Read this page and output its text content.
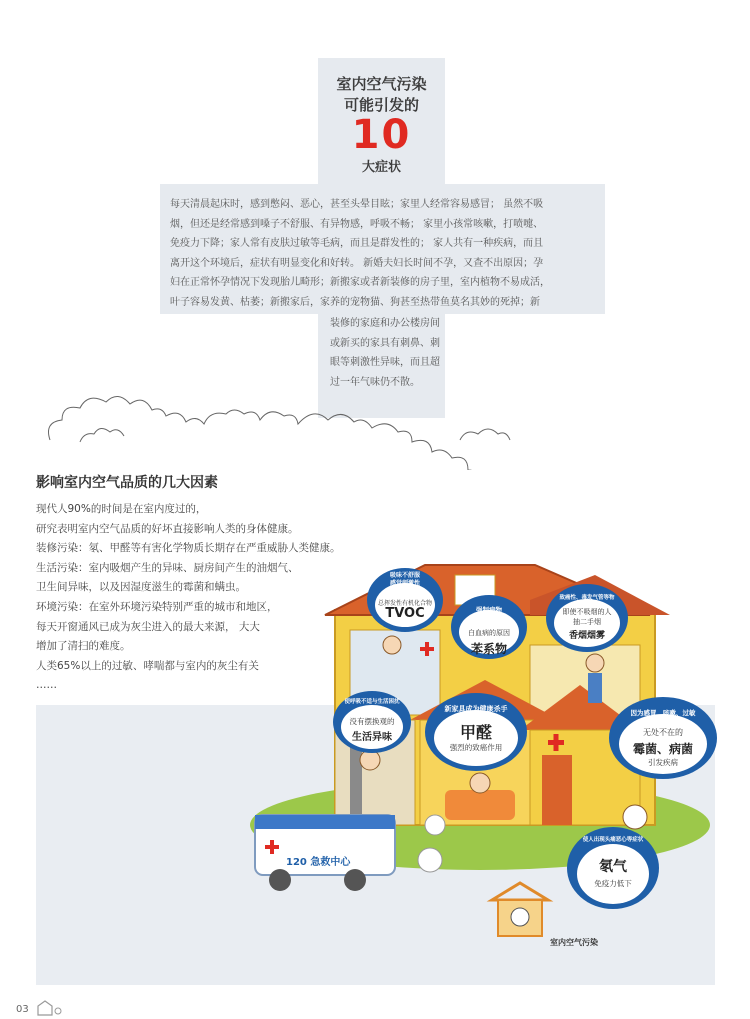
室内空气污染
可能引发的
10
大症状
每天清晨起床时，感到憋闷、恶心，甚至头晕目眩；家里人经常容易感冒； 虽然不吸
烟，但还是经常感到嗓子不舒服、有异物感，呼吸不畅； 家里小孩常咳嗽，打喷嚏、
免疫力下降；家人常有皮肤过敏等毛病，而且是群发性的； 家人共有一种疾病，而且
离开这个环境后，症状有明显变化和好转。 新婚夫妇长时间不孕，又查不出原因；孕
妇在正常怀孕情况下发现胎儿畸形；新搬家或者新装修的房子里，室内植物不易成活，
叶子容易发黄、枯萎；新搬家后，家养的宠物猫、狗甚至热带鱼莫名其妙的死掉；新
装修的家庭和办公楼房间
或新买的家具有刺鼻、刺
眼等刺激性异味，而且超
过一年气味仍不散。
影响室内空气品质的几大因素
现代人90%的时间是在室内度过的，
研究表明室内空气品质的好坏直接影响人类的身体健康。
装修污染：氡、甲醛等有害化学物质长期存在严重威胁人类健康。
生活污染：室内吸烟产生的异味、厨房间产生的油烟气、
卫生间异味，以及因湿度滋生的霉菌和螨虫。
环境污染：在室外环境污染特别严重的城市和地区，
每天开窗通风已成为灰尘进入的最大来源， 大大
增加了清扫的难度。
人类65%以上的过敏、哮喘都与室内的灰尘有关
……
吸味不舒服
感觉刺激性
总挥发性有机化合物
TVOC	强制病物
白血病的原因
苯系物
致癌性、毒发气管等物
即使不吸烟的人
抽二手烟
香烟烟雾
使呼吸不适与生活困扰
没有摆换观的
生活异味
新家具成为健康杀手
甲醛
强烈的致癌作用
因为感冒、咳嗽、过敏
无处不在的
霉菌、病菌
引发疾病
使人出现头痛恶心等症状
氡气
免疫力低下
120 急救中心
室内空气污染
03
